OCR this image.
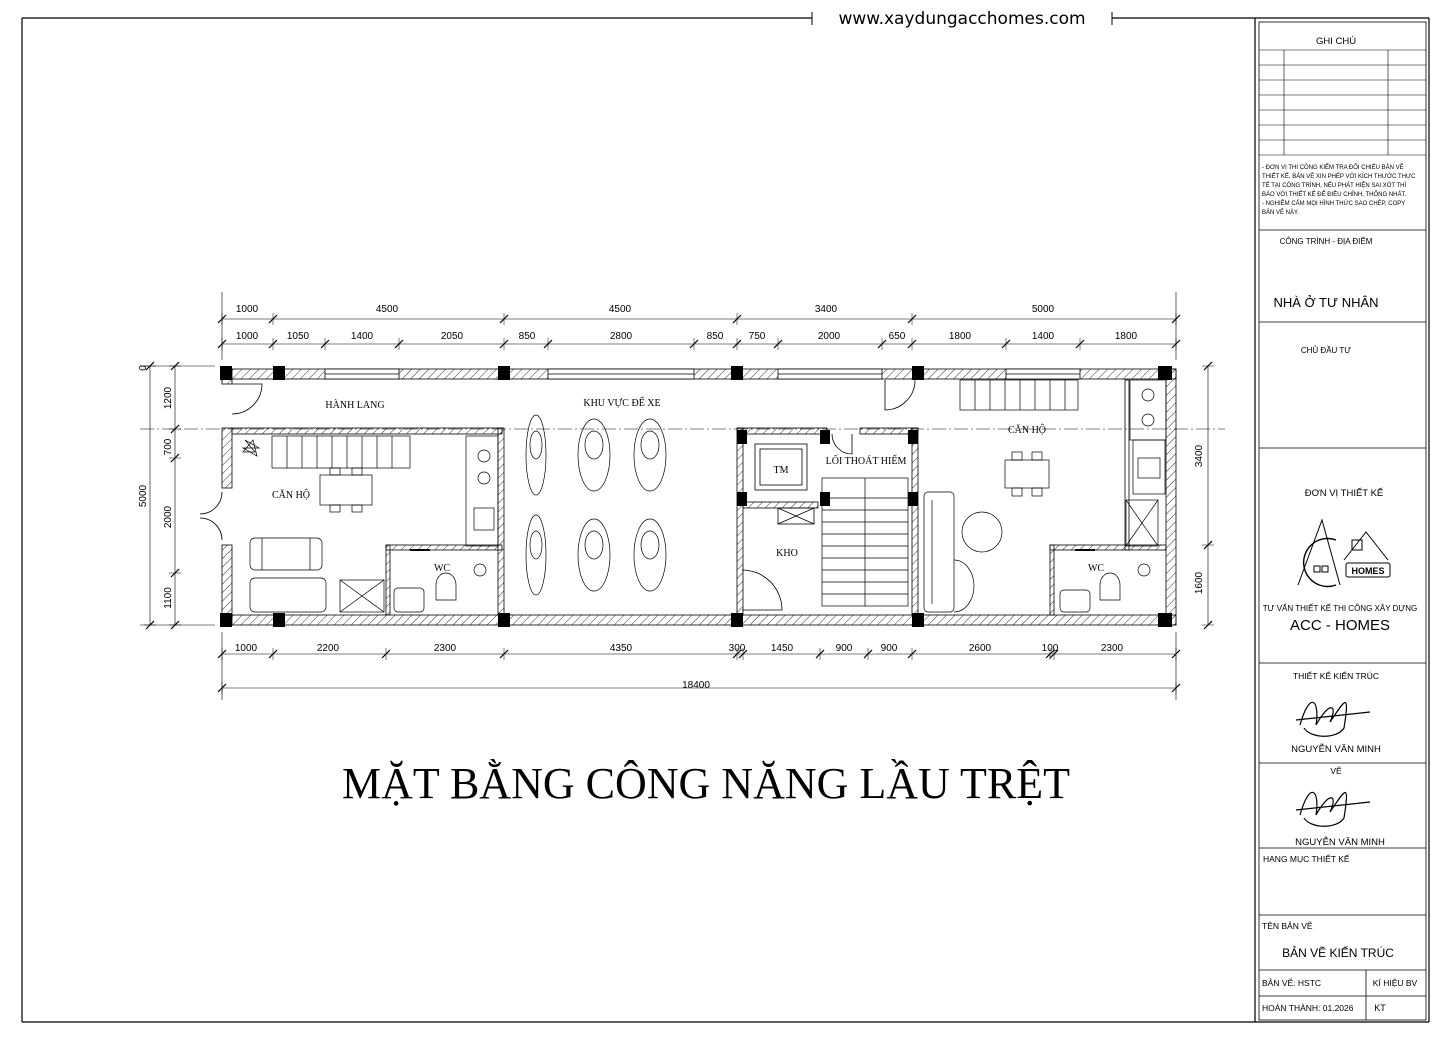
www.xaydungacchomes.com
1000	4500	4500	3400	5000
1000	1050	1400	2050	850	2800	850	750	2000	650	1800	1400	1800
1000	2200	2300	4350	300	1450	900	900	2600	100	2300
18400
0
5000
1200
700
2000
1100
3400
1600
HÀNH LANG	KHU VỰC ĐỂ XE
CĂN HỘ
CĂN HỘ
WC	WC
TM
KHO
LỐI THOÁT HIỂM
MẶT BẰNG CÔNG NĂNG LẦU TRỆT
GHI CHÚ
- ĐƠN VỊ THI CÔNG KIỂM TRA ĐỐI CHIẾU BẢN VẼ
THIẾT KẾ, BẢN VẼ XIN PHÉP VỚI KÍCH THƯỚC THỰC
TẾ TẠI CÔNG TRÌNH, NẾU PHÁT HIỆN SAI XÓT THÌ
BÁO VỚI THIẾT KẾ ĐỂ ĐIỀU CHỈNH, THỐNG NHẤT.
- NGHIÊM CẤM MỌI HÌNH THỨC SAO CHÉP, COPY
BẢN VẼ NÀY.
CÔNG TRÌNH - ĐỊA ĐIỂM
NHÀ Ở TƯ NHÂN
CHỦ ĐẦU TƯ
ĐƠN VỊ THIẾT KẾ
HOMES
TƯ VẤN THIẾT KẾ THI CÔNG XÂY DỰNG
ACC - HOMES
THIẾT KẾ KIẾN TRÚC
NGUYỄN VĂN MINH
VẼ
NGUYỄN VĂN MINH
HẠNG MỤC THIẾT KẾ
TÊN BẢN VẼ
BẢN VẼ KIẾN TRÚC
BẢN VẼ: HSTC	KÍ HIỆU BV
HOÀN THÀNH: 01.2026 KT
